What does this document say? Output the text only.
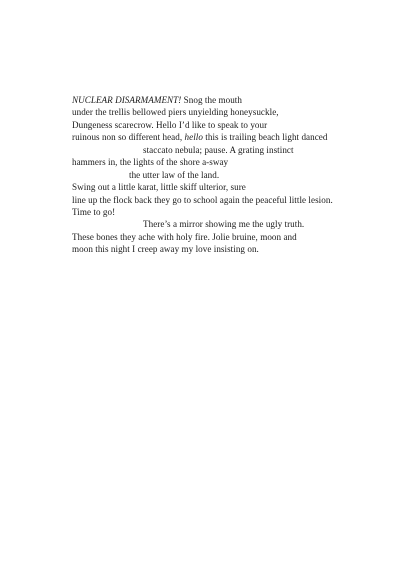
NUCLEAR DISARMAMENT! Snog the mouth
under the trellis bellowed piers unyielding honeysuckle,
Dungeness scarecrow. Hello I’d like to speak to your
ruinous non so different head, hello this is trailing beach light danced
staccato nebula; pause. A grating instinct
hammers in, the lights of the shore a-sway
the utter law of the land.
Swing out a little karat, little skiff ulterior, sure
line up the flock back they go to school again the peaceful little lesion.
Time to go!
There’s a mirror showing me the ugly truth.
These bones they ache with holy fire. Jolie bruine, moon and
moon this night I creep away my love insisting on.
